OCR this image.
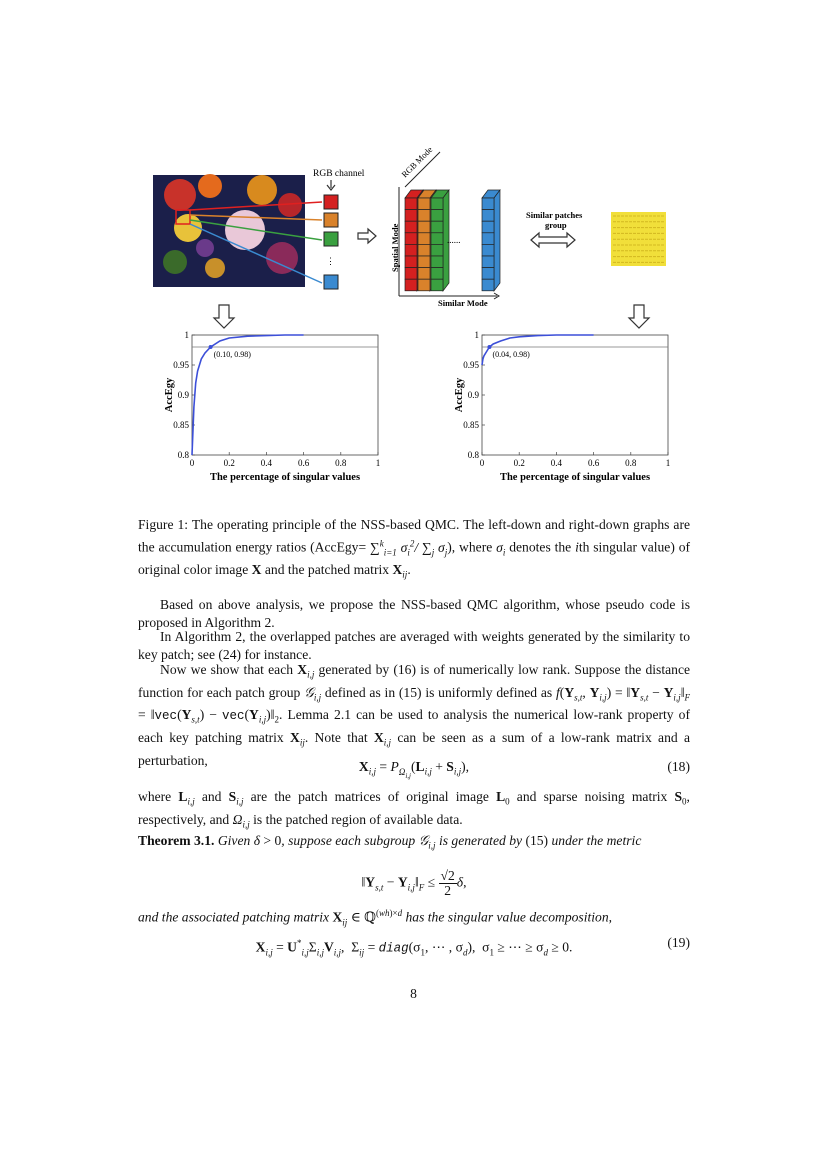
RGB channel
⋮
......
RGB Mode
Spatial Mode
Similar Mode
Similar patches
group
0	0.2	0.4	0.6	0.8	1
0.8
0.85
0.9
0.95
1
(0.10, 0.98)
The percentage of singular values
AccEgy
0	0.2	0.4	0.6	0.8	1
0.8
0.85
0.9
0.95
1
(0.04, 0.98)
The percentage of singular values
AccEgy
Figure 1: The operating principle of the NSS-based QMC. The left-down and right-down graphs are the accumulation energy ratios (AccEgy= ∑$^k_{i=1}$ $\sigma_i^2/$ $\sum_j$ $\sigma_j$), where $\sigma_i$ denotes the ith singular value) of original color image X and the patched matrix $X_{ij}$.
Based on above analysis, we propose the NSS-based QMC algorithm, whose pseudo code is proposed in Algorithm 2.
In Algorithm 2, the overlapped patches are averaged with weights generated by the similarity to key patch; see (24) for instance.
Now we show that each $X_{i,j}$ generated by (16) is of numerically low rank. Suppose the distance function for each patch group 𝒢$_{i,j}$ defined as in (15) is uniformly defined as $f(Y_{s,t}$, $Y_{i,j}$) = $‖Y_{s,t}$ − $Y_{i,j}‖_F$ = $‖vec(Y_{s,t})$ − $vec(Y_{i,j})‖_2$. Lemma 2.1 can be used to analysis the numerical low-rank property of each key patching matrix $X_{ij}$. Note that $X_{i,j}$ can be seen as a sum of a low-rank matrix and a perturbation,	$X_{i,j} = P_{\Omega_{i,j}}(L_{i,j} + S_{i,j})$,	(18)
where $L_{i,j}$ and $S_{i,j}$ are the patch matrices of original image $L_0$ and sparse noising matrix $S_0$, respectively, and $\Omega_{i,j}$ is the patched region of available data.
Theorem 3.1. Given δ > 0, suppose each subgroup 𝒢$_{i,j}$ is generated by (15) under the metric
$‖Y_{s,t}$ − $Y_{i,j}‖_F \le \frac{√2}{2} \delta$,
and the associated patching matrix $X_{ij}$ ∈ ℚ$^{(wh)\times d}$ has the singular value decomposition,
$X_{i,j} = U^*_{i,j}\Sigma_{i,j}V_{i,j}$,  $\Sigma_{ij}$ = $diag(\sigma_1$, ⋯ , $\sigma_d$),  $\sigma_1$ ≥ ⋯ ≥ $\sigma_d \ge 0$.	(19)
8
